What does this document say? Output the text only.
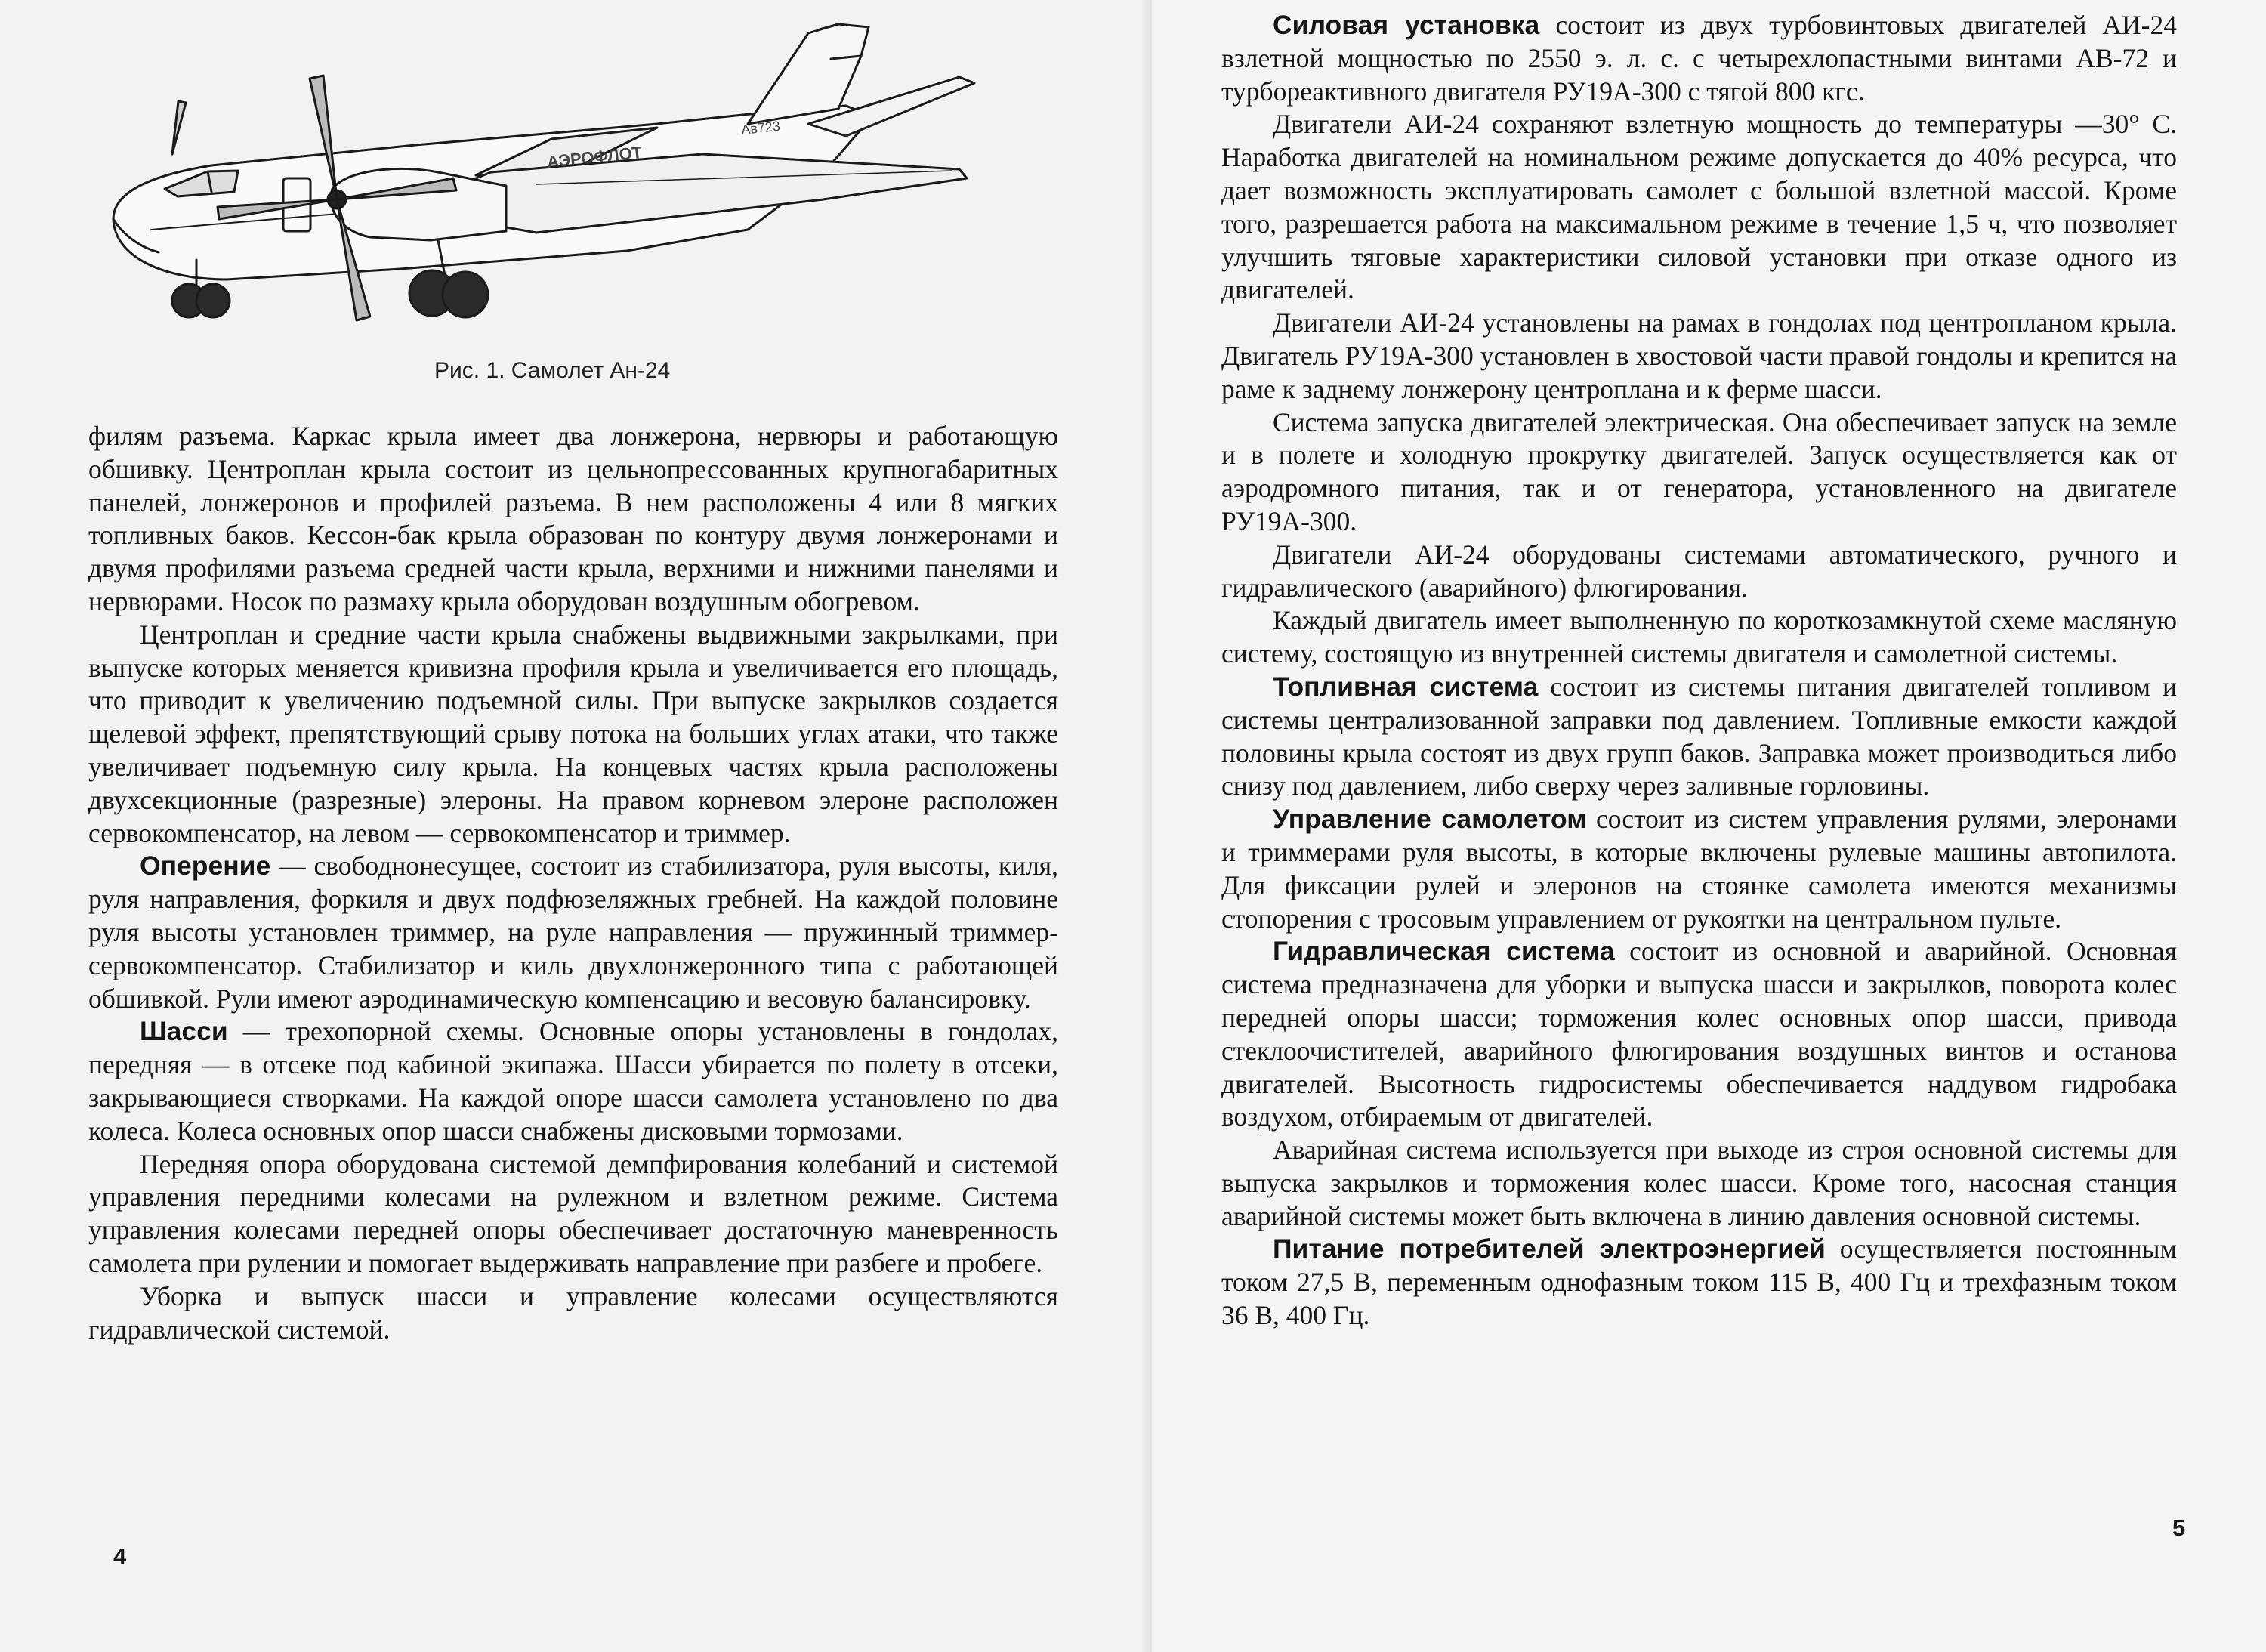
АЭРОФЛОТ
Ав723
Рис. 1. Самолет Ан-24

филям разъема. Каркас крыла имеет два лонжерона, нервюры и работающую обшивку. Центроплан крыла состоит из цельнопрессованных крупногабаритных панелей, лонжеронов и профилей разъема. В нем расположены 4 или 8 мягких топливных баков. Кессон-бак крыла образован по контуру двумя лонжеронами и двумя профилями разъема средней части крыла, верхними и нижними панелями и нервюрами. Носок по размаху крыла оборудован воздушным обогревом.

Центроплан и средние части крыла снабжены выдвижными закрылками, при выпуске которых меняется кривизна профиля крыла и увеличивается его площадь, что приводит к увеличению подъемной силы. При выпуске закрылков создается щелевой эффект, препятствующий срыву потока на больших углах атаки, что также увеличивает подъемную силу крыла. На концевых частях крыла расположены двухсекционные (разрезные) элероны. На правом корневом элероне расположен сервокомпенсатор, на левом — сервокомпенсатор и триммер.

Оперение — свободнонесущее, состоит из стабилизатора, руля высоты, киля, руля направления, форкиля и двух подфюзеляжных гребней. На каждой половине руля высоты установлен триммер, на руле направления — пружинный триммер-сервокомпенсатор. Стабилизатор и киль двухлонжеронного типа с работающей обшивкой. Рули имеют аэродинамическую компенсацию и весовую балансировку.

Шасси — трехопорной схемы. Основные опоры установлены в гондолах, передняя — в отсеке под кабиной экипажа. Шасси убирается по полету в отсеки, закрывающиеся створками. На каждой опоре шасси самолета установлено по два колеса. Колеса основных опор шасси снабжены дисковыми тормозами.

Передняя опора оборудована системой демпфирования колебаний и системой управления передними колесами на рулежном и взлетном режиме. Система управления колесами передней опоры обеспечивает достаточную маневренность самолета при рулении и помогает выдерживать направление при разбеге и пробеге.

Уборка и выпуск шасси и управление колесами осуществляются гидравлической системой.

4

Силовая установка состоит из двух турбовинтовых двигателей АИ-24 взлетной мощностью по 2550 э. л. с. с четырехлопастными винтами АВ-72 и турбореактивного двигателя РУ19А-300 с тягой 800 кгс.

Двигатели АИ-24 сохраняют взлетную мощность до температуры —30° С. Наработка двигателей на номинальном режиме допускается до 40% ресурса, что дает возможность эксплуатировать самолет с большой взлетной массой. Кроме того, разрешается работа на максимальном режиме в течение 1,5 ч, что позволяет улучшить тяговые характеристики силовой установки при отказе одного из двигателей.

Двигатели АИ-24 установлены на рамах в гондолах под центропланом крыла. Двигатель РУ19А-300 установлен в хвостовой части правой гондолы и крепится на раме к заднему лонжерону центроплана и к ферме шасси.

Система запуска двигателей электрическая. Она обеспечивает запуск на земле и в полете и холодную прокрутку двигателей. Запуск осуществляется как от аэродромного питания, так и от генератора, установленного на двигателе РУ19А-300.

Двигатели АИ-24 оборудованы системами автоматического, ручного и гидравлического (аварийного) флюгирования.

Каждый двигатель имеет выполненную по короткозамкнутой схеме масляную систему, состоящую из внутренней системы двигателя и самолетной системы.

Топливная система состоит из системы питания двигателей топливом и системы централизованной заправки под давлением. Топливные емкости каждой половины крыла состоят из двух групп баков. Заправка может производиться либо снизу под давлением, либо сверху через заливные горловины.

Управление самолетом состоит из систем управления рулями, элеронами и триммерами руля высоты, в которые включены рулевые машины автопилота. Для фиксации рулей и элеронов на стоянке самолета имеются механизмы стопорения с тросовым управлением от рукоятки на центральном пульте.

Гидравлическая система состоит из основной и аварийной. Основная система предназначена для уборки и выпуска шасси и закрылков, поворота колес передней опоры шасси; торможения колес основных опор шасси, привода стеклоочистителей, аварийного флюгирования воздушных винтов и останова двигателей. Высотность гидросистемы обеспечивается наддувом гидробака воздухом, отбираемым от двигателей.

Аварийная система используется при выходе из строя основной системы для выпуска закрылков и торможения колес шасси. Кроме того, насосная станция аварийной системы может быть включена в линию давления основной системы.

Питание потребителей электроэнергией осуществляется постоянным током 27,5 В, переменным однофазным током 115 В, 400 Гц и трехфазным током 36 В, 400 Гц.

5
